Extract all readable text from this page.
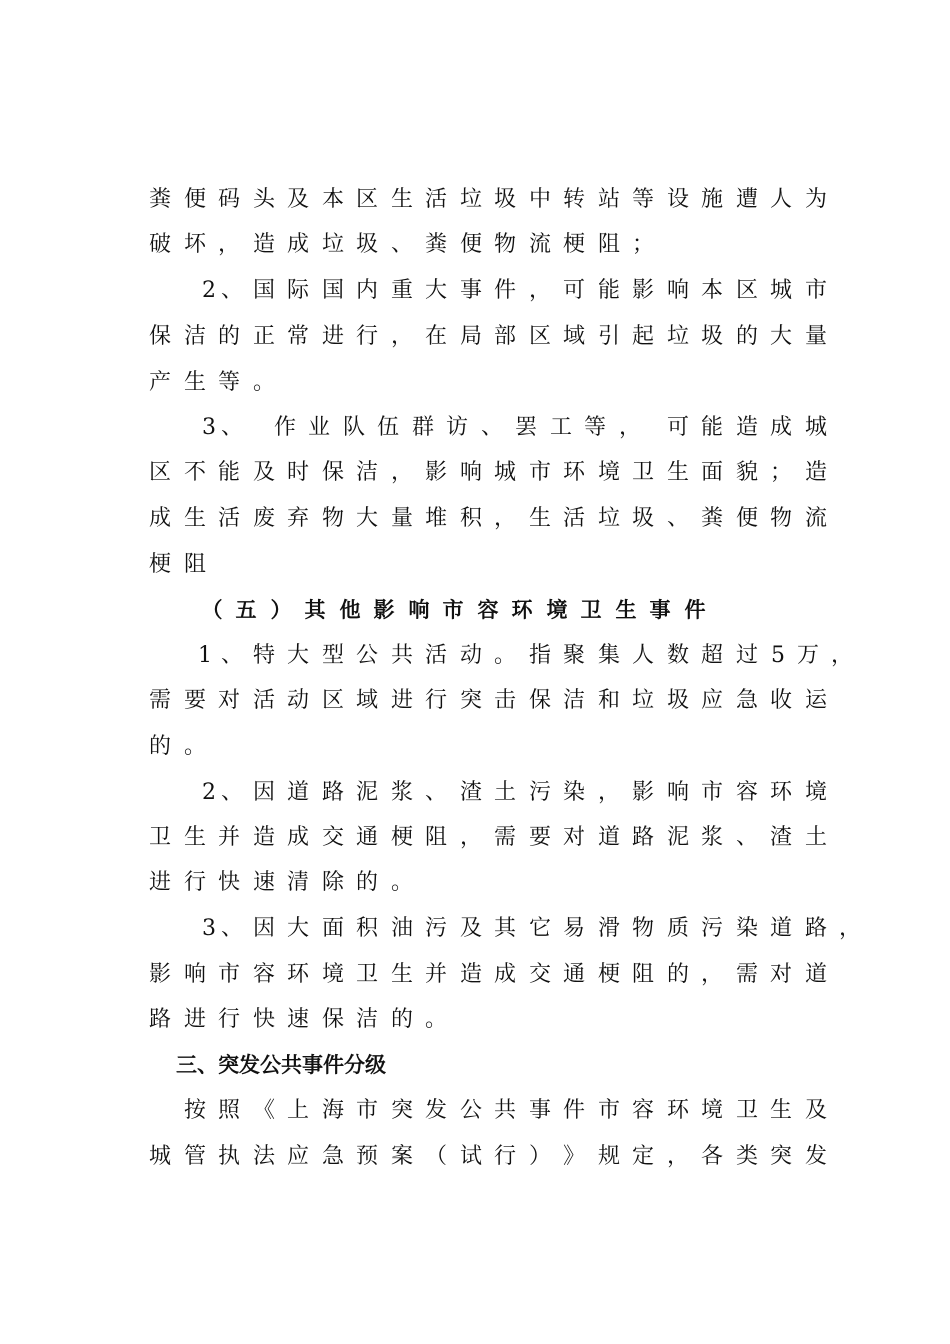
粪 便 码 头 及 本 区 生 活 垃 圾 中 转 站 等 设 施 遭 人 为
破 坏 ， 造 成 垃 圾 、 粪 便 物 流 梗 阻 ；
2 、 国 际 国 内 重 大 事 件 ， 可 能 影 响 本 区 城 市
保 洁 的 正 常 进 行 ， 在 局 部 区 域 引 起 垃 圾 的 大 量
产 生 等 。
3 、 作 业 队 伍 群 访 、 罢 工 等 ， 可 能 造 成 城
区 不 能 及 时 保 洁 ， 影 响 城 市 环 境 卫 生 面 貌 ； 造
成 生 活 废 弃 物 大 量 堆 积 ， 生 活 垃 圾 、 粪 便 物 流
梗 阻
（ 五 ） 其 他 影 响 市 容 环 境 卫 生 事 件
1 、 特 大 型 公 共 活 动 。 指 聚 集 人 数 超 过 5 万 ，
需 要 对 活 动 区 域 进 行 突 击 保 洁 和 垃 圾 应 急 收 运
的 。
2 、 因 道 路 泥 浆 、 渣 土 污 染 ， 影 响 市 容 环 境
卫 生 并 造 成 交 通 梗 阻 ， 需 要 对 道 路 泥 浆 、 渣 土
进 行 快 速 清 除 的 。
3 、 因 大 面 积 油 污 及 其 它 易 滑 物 质 污 染 道 路 ，
影 响 市 容 环 境 卫 生 并 造 成 交 通 梗 阻 的 ， 需 对 道
路 进 行 快 速 保 洁 的 。
按 照 《 上 海 市 突 发 公 共 事 件 市 容 环 境 卫 生 及
城 管 执 法 应 急 预 案 （ 试 行 ） 》 规 定 ， 各 类 突 发
三、突发公共事件分级
